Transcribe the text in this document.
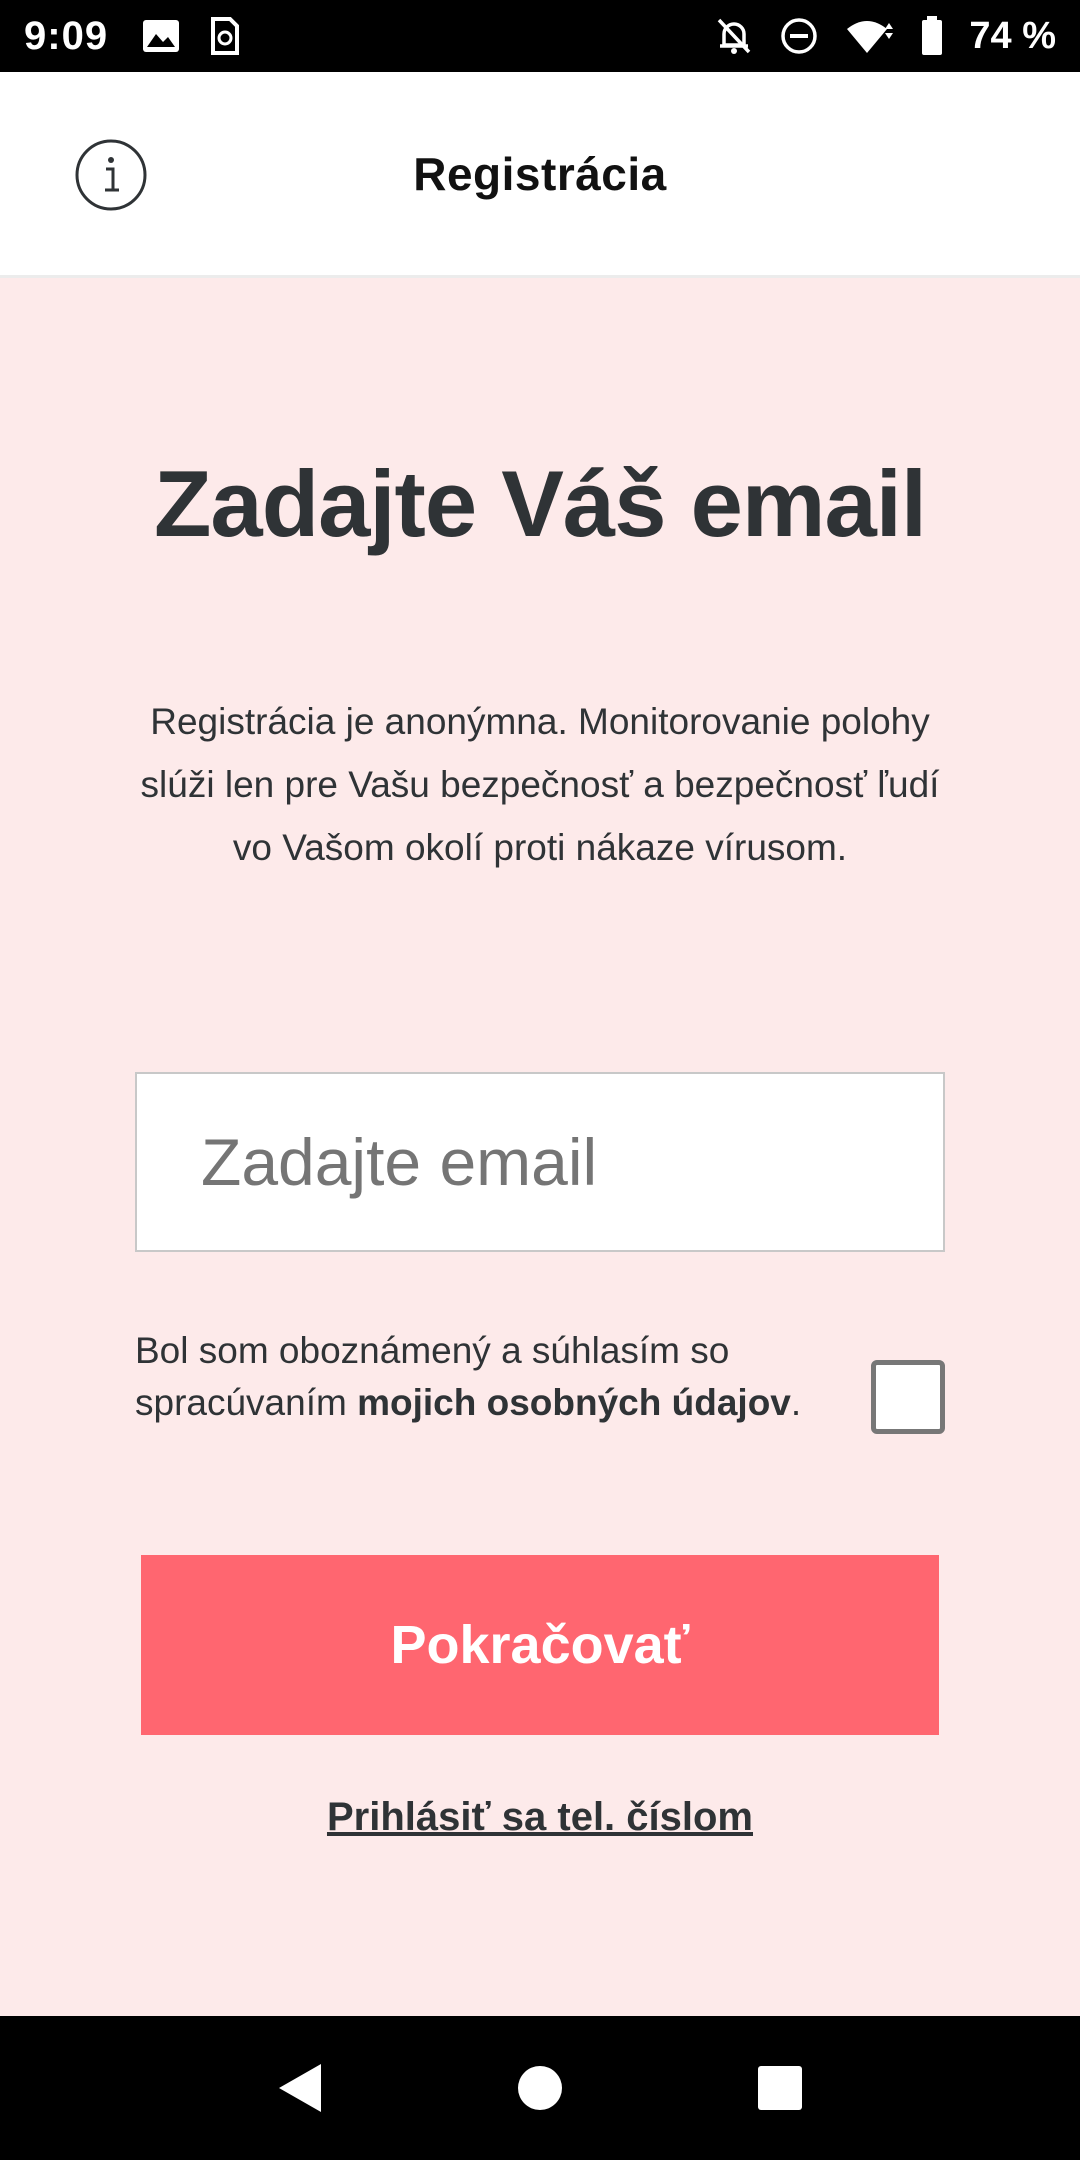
9:09	74 %
Registrácia
Zadajte Váš email

Registrácia je anonýmna. Monitorovanie polohy slúži len pre Vašu bezpečnosť a bezpečnosť ľudí vo Vašom okolí proti nákaze vírusom.

Zadajte email

Bol som oboznámený a súhlasím so spracúvaním mojich osobných údajov.

Pokračovať
Prihlásiť sa tel. číslom
